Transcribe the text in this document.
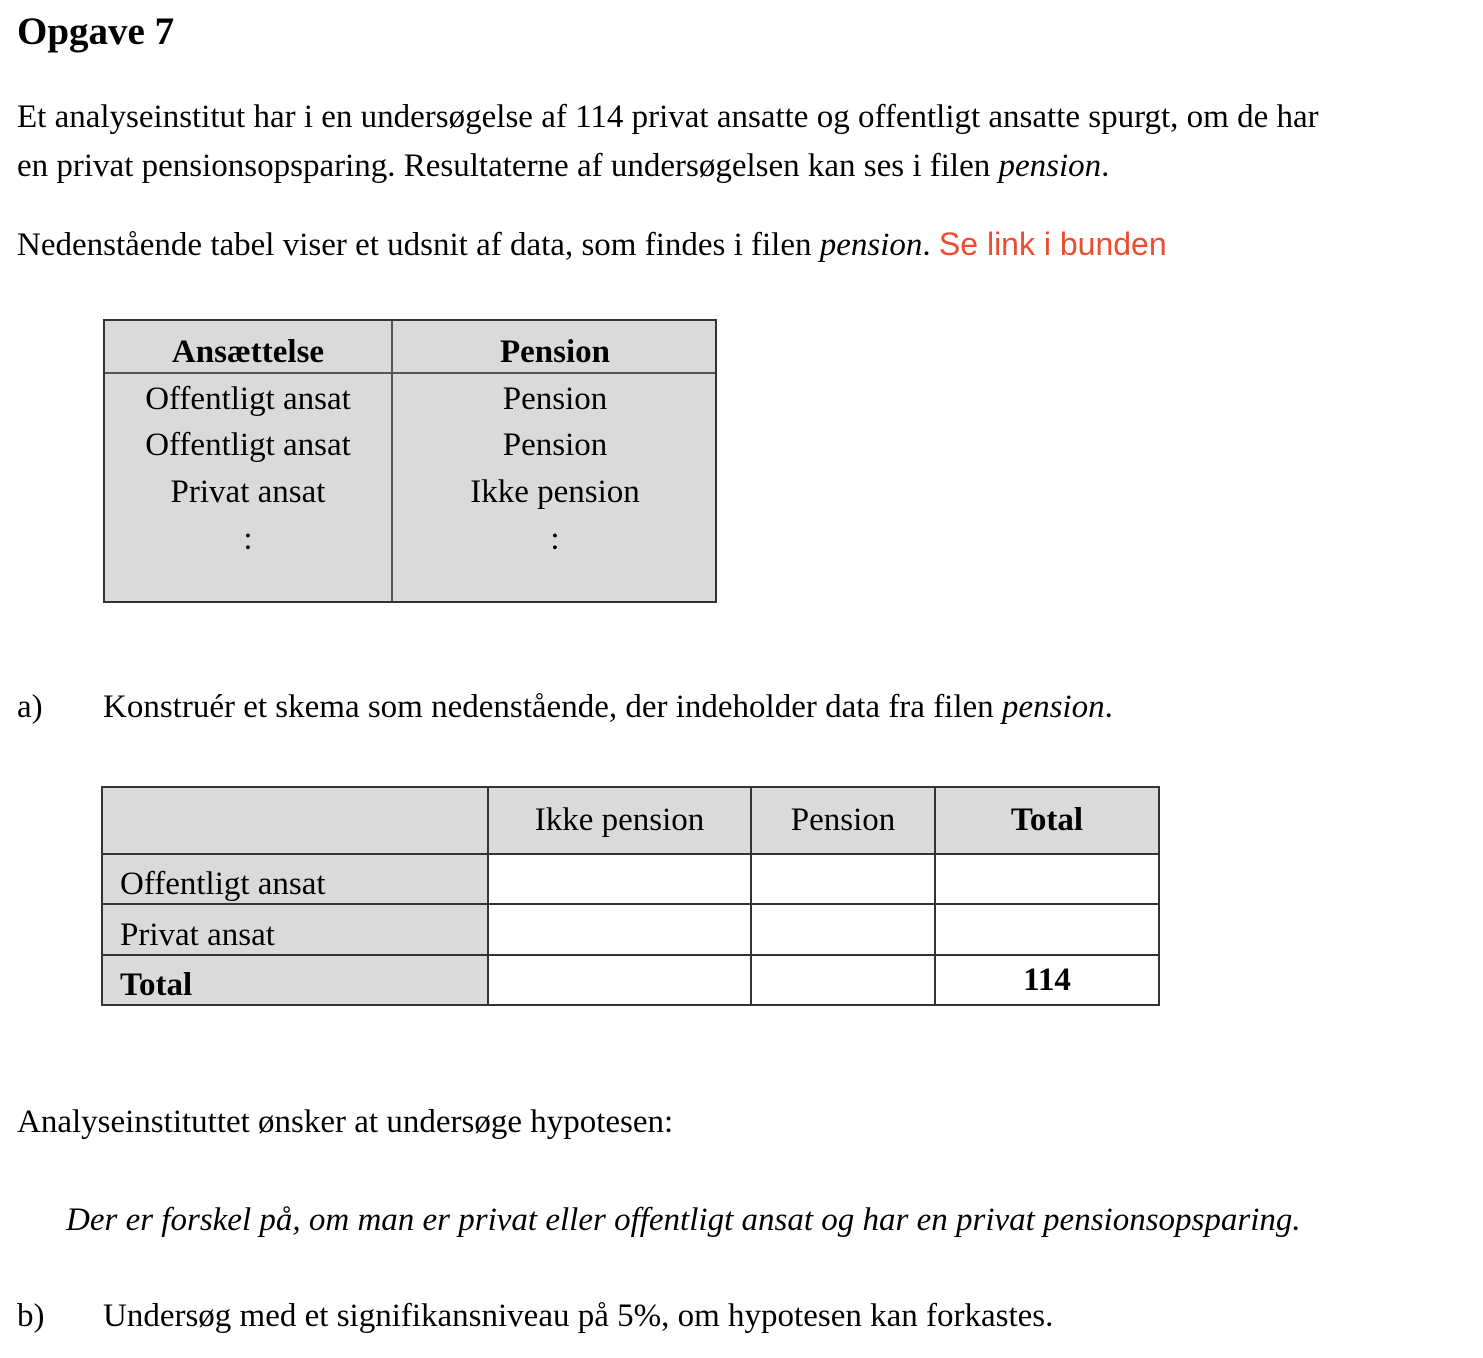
Opgave 7

Et analyseinstitut har i en undersøgelse af 114 privat ansatte og offentligt ansatte spurgt, om de har
en privat pensionsopsparing. Resultaterne af undersøgelsen kan ses i filen pension.

Nedenstående tabel viser et udsnit af data, som findes i filen pension. Se link i bunden

Ansættelse	Pension
Offentligt ansat	Pension
Offentligt ansat	Pension
Privat ansat	Ikke pension
:	:

a) Konstruér et skema som nedenstående, der indeholder data fra filen pension.

	Ikke pension	Pension	Total
Offentligt ansat			
Privat ansat			
Total			114

Analyseinstituttet ønsker at undersøge hypotesen:

Der er forskel på, om man er privat eller offentligt ansat og har en privat pensionsopsparing.

b) Undersøg med et signifikansniveau på 5%, om hypotesen kan forkastes.
